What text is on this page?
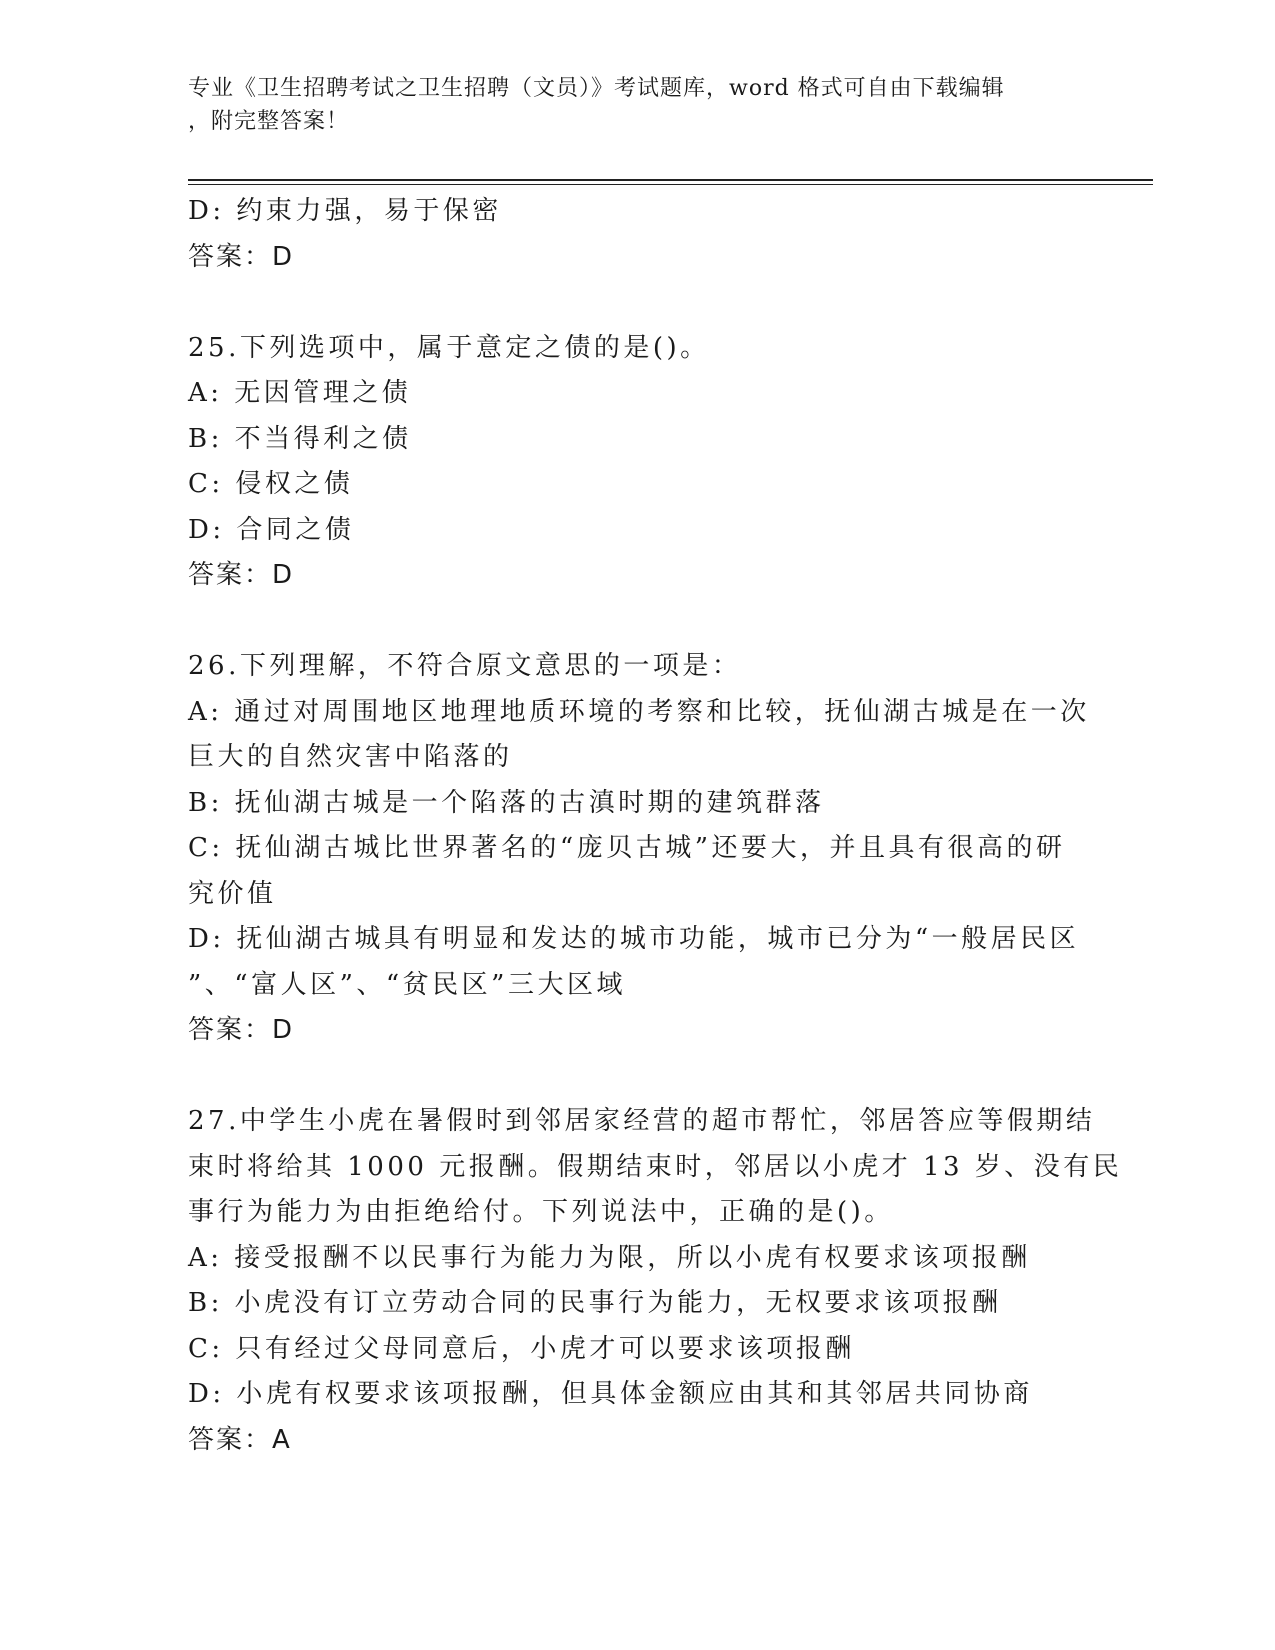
专业《卫生招聘考试之卫生招聘（文员）》考试题库，word 格式可自由下载编辑
，附完整答案！
D: 约束力强，易于保密
答案：D
25.下列选项中，属于意定之债的是()。
A: 无因管理之债
B: 不当得利之债
C: 侵权之债
D: 合同之债
答案：D
26.下列理解，不符合原文意思的一项是：
A: 通过对周围地区地理地质环境的考察和比较，抚仙湖古城是在一次
巨大的自然灾害中陷落的
B: 抚仙湖古城是一个陷落的古滇时期的建筑群落
C: 抚仙湖古城比世界著名的“庞贝古城”还要大，并且具有很高的研
究价值
D: 抚仙湖古城具有明显和发达的城市功能，城市已分为“一般居民区
”、“富人区”、“贫民区”三大区域
答案：D
27.中学生小虎在暑假时到邻居家经营的超市帮忙，邻居答应等假期结
束时将给其 1000 元报酬。假期结束时，邻居以小虎才 13 岁、没有民
事行为能力为由拒绝给付。下列说法中，正确的是()。
A: 接受报酬不以民事行为能力为限，所以小虎有权要求该项报酬
B: 小虎没有订立劳动合同的民事行为能力，无权要求该项报酬
C: 只有经过父母同意后，小虎才可以要求该项报酬
D: 小虎有权要求该项报酬，但具体金额应由其和其邻居共同协商
答案：A
